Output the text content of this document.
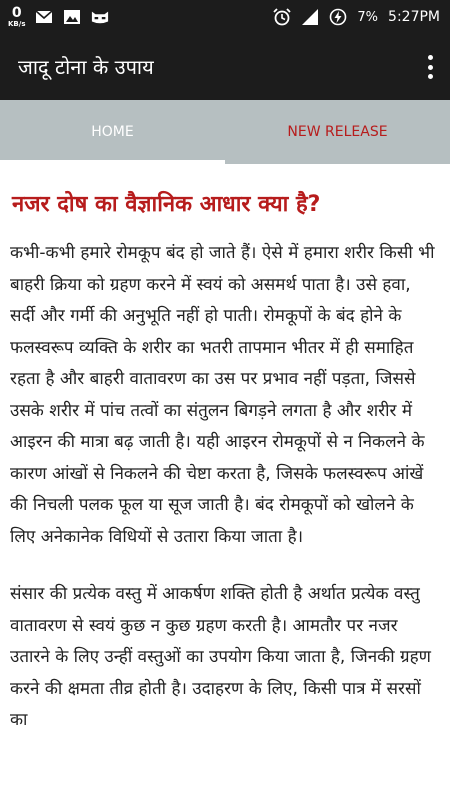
0
KB/s	7% 5:27PM
जादू टोना के उपाय
HOME	NEW RELEASE
नजर दोष का वैज्ञानिक आधार क्या है?

कभी-कभी हमारे रोमकूप बंद हो जाते हैं। ऐसे में हमारा शरीर किसी भी बाहरी क्रिया को ग्रहण करने में स्वयं को असमर्थ पाता है। उसे हवा, सर्दी और गर्मी की अनुभूति नहीं हो पाती। रोमकूपों के बंद होने के फलस्वरूप व्यक्ति के शरीर का भतरी तापमान भीतर में ही समाहित रहता है और बाहरी वातावरण का उस पर प्रभाव नहीं पड़ता, जिससे उसके शरीर में पांच तत्वों का संतुलन बिगड़ने लगता है और शरीर में आइरन की मात्रा बढ़ जाती है। यही आइरन रोमकूपों से न निकलने के कारण आंखों से निकलने की चेष्टा करता है, जिसके फलस्वरूप आंखें की निचली पलक फूल या सूज जाती है। बंद रोमकूपों को खोलने के लिए अनेकानेक विधियों से उतारा किया जाता है।

संसार की प्रत्येक वस्तु में आकर्षण शक्ति होती है अर्थात प्रत्येक वस्तु वातावरण से स्वयं कुछ न कुछ ग्रहण करती है। आमतौर पर नजर उतारने के लिए उन्हीं वस्तुओं का उपयोग किया जाता है, जिनकी ग्रहण करने की क्षमता तीव्र होती है। उदाहरण के लिए, किसी पात्र में सरसों का
